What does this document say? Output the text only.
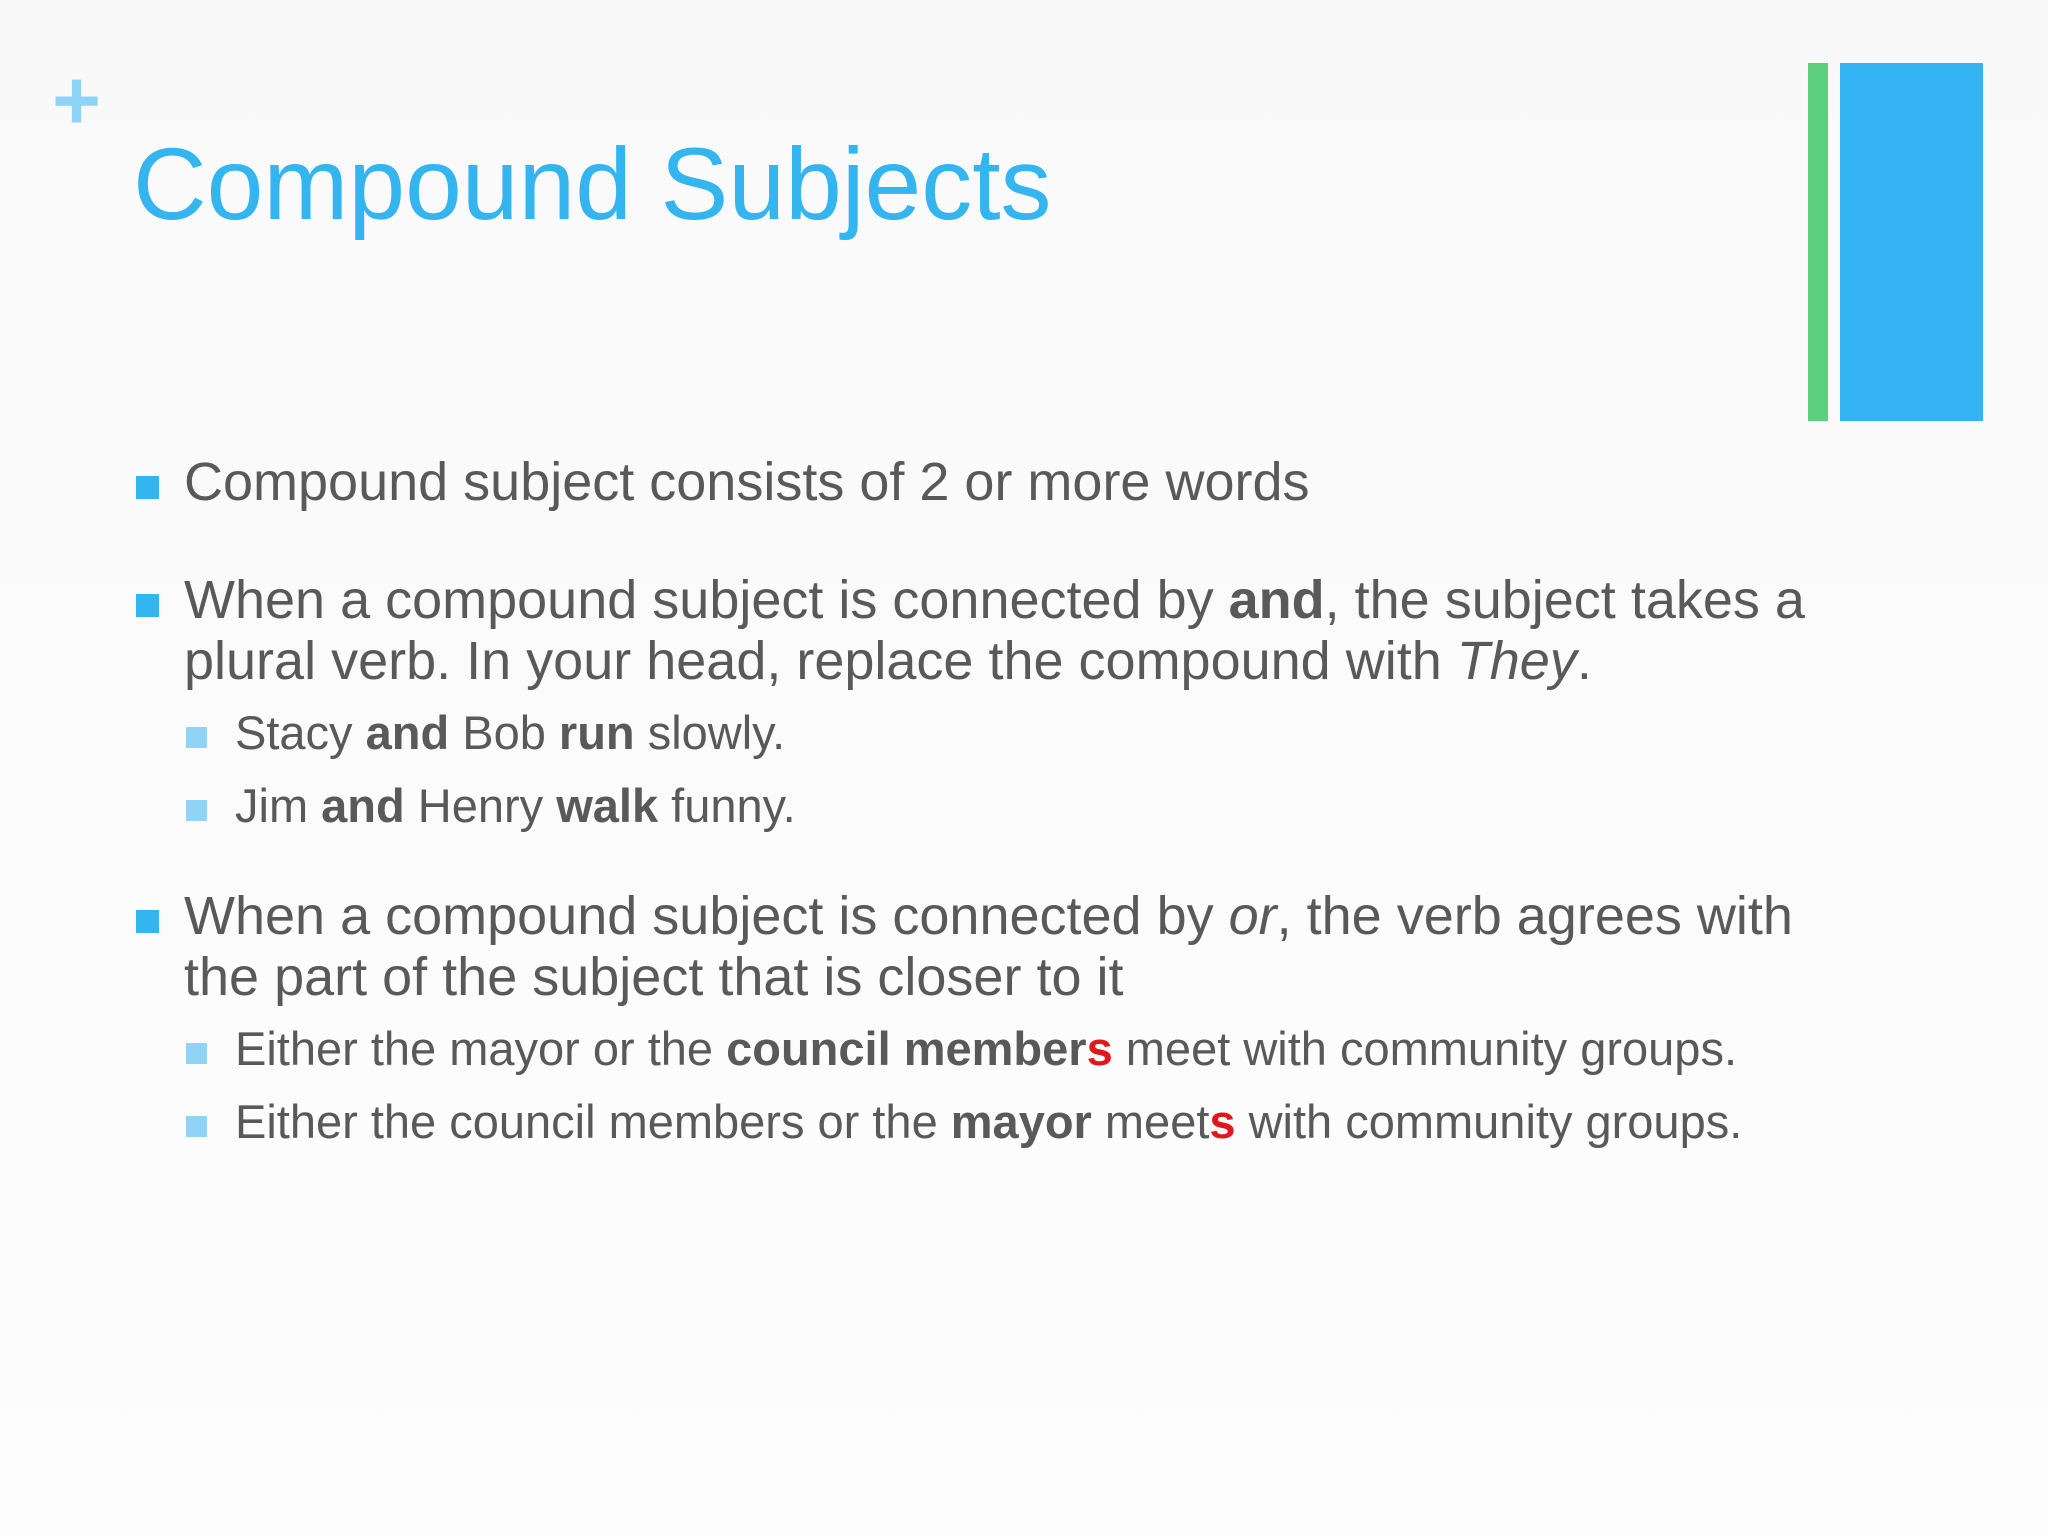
+
Compound Subjects
Compound subject consists of 2 or more words
When a compound subject is connected by and, the subject takes a plural verb. In your head, replace the compound with They.
Stacy and Bob run slowly.
Jim and Henry walk funny.
When a compound subject is connected by or, the verb agrees with the part of the subject that is closer to it
Either the mayor or the council members meet with community groups.
Either the council members or the mayor meets with community groups.
